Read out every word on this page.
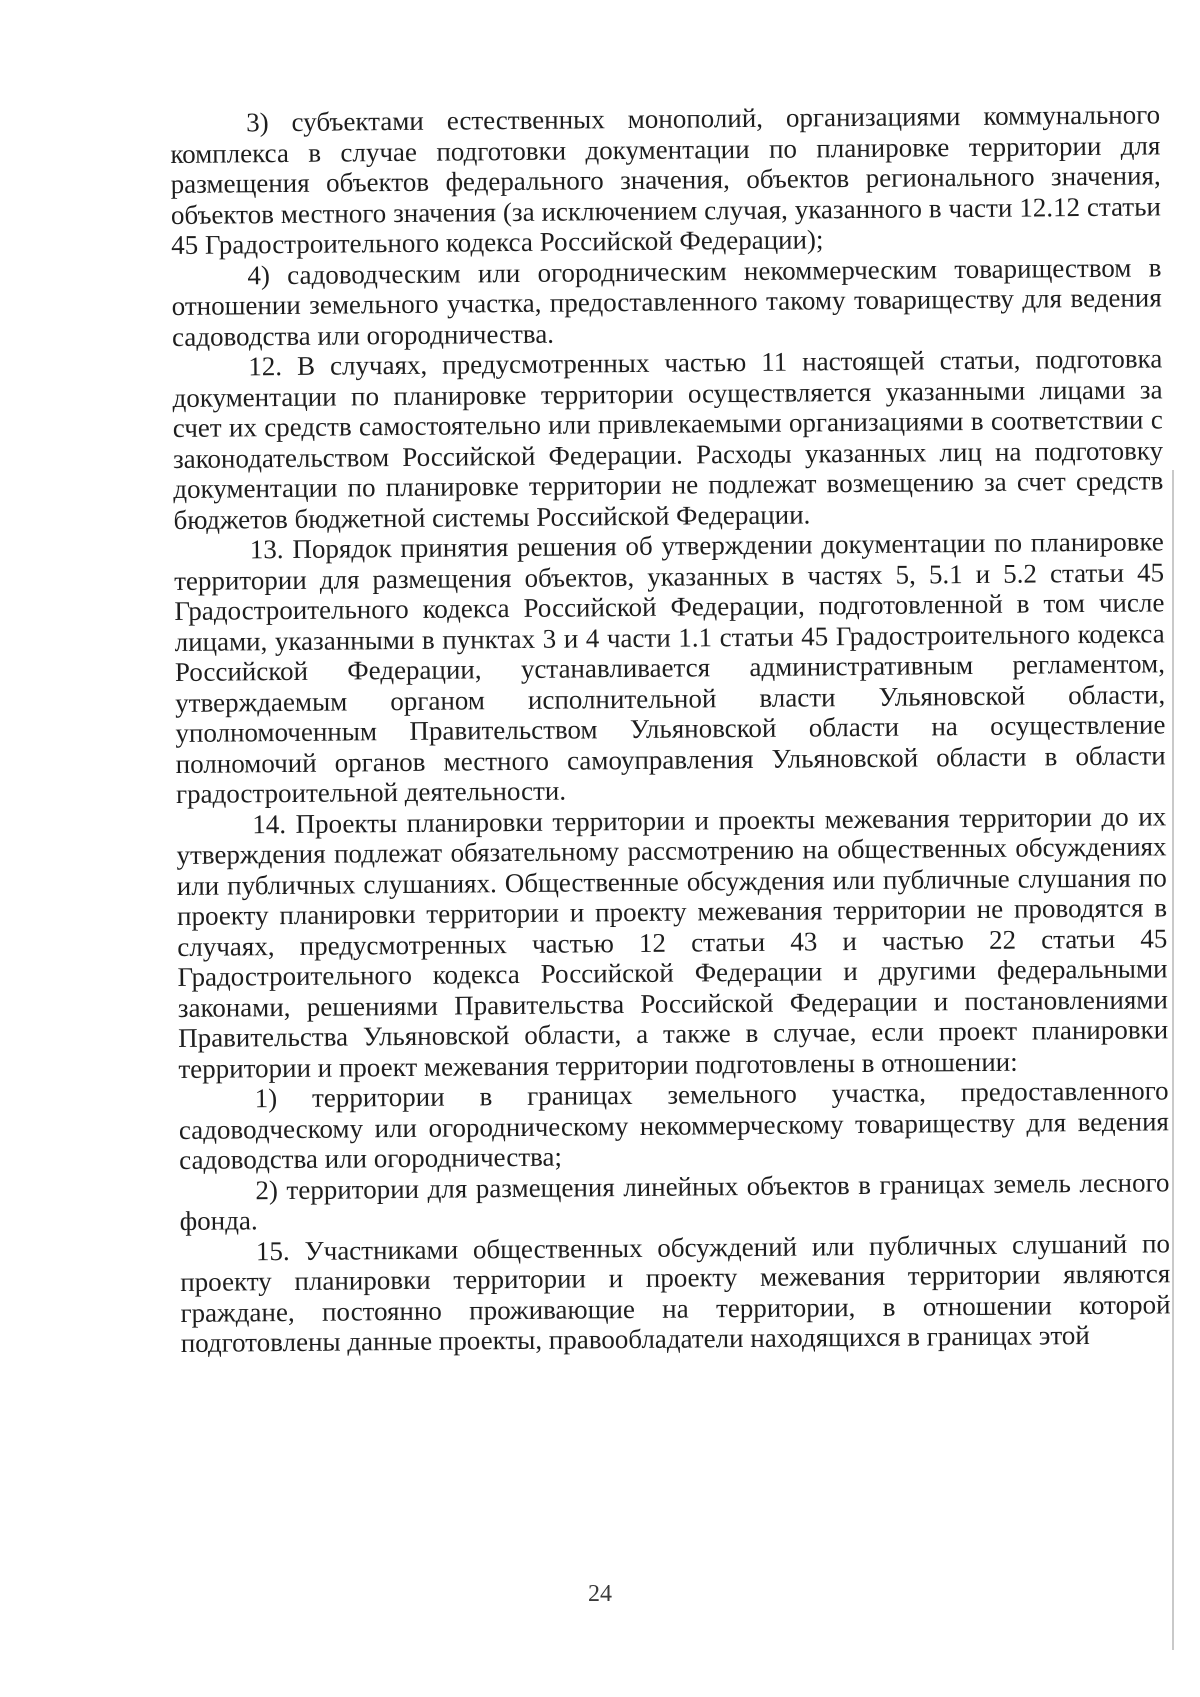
3) субъектами естественных монополий, организациями коммунального комплекса в случае подготовки документации по планировке территории для размещения объектов федерального значения, объектов регионального значения, объектов местного значения (за исключением случая, указанного в части 12.12 статьи 45 Градостроительного кодекса Российской Федерации);

4) садоводческим или огородническим некоммерческим товариществом в отношении земельного участка, предоставленного такому товариществу для ведения садоводства или огородничества.

12. В случаях, предусмотренных частью 11 настоящей статьи, подготовка документации по планировке территории осуществляется указанными лицами за счет их средств самостоятельно или привлекаемыми организациями в соответствии с законодательством Российской Федерации. Расходы указанных лиц на подготовку документации по планировке территории не подлежат возмещению за счет средств бюджетов бюджетной системы Российской Федерации.

13. Порядок принятия решения об утверждении документации по планировке территории для размещения объектов, указанных в частях 5, 5.1 и 5.2 статьи 45 Градостроительного кодекса Российской Федерации, подготовленной в том числе лицами, указанными в пунктах 3 и 4 части 1.1 статьи 45 Градостроительного кодекса Российской Федерации, устанавливается административным регламентом, утверждаемым органом исполнительной власти Ульяновской области, уполномоченным Правительством Ульяновской области на осуществление полномочий органов местного самоуправления Ульяновской области в области градостроительной деятельности.

14. Проекты планировки территории и проекты межевания территории до их утверждения подлежат обязательному рассмотрению на общественных обсуждениях или публичных слушаниях. Общественные обсуждения или публичные слушания по проекту планировки территории и проекту межевания территории не проводятся в случаях, предусмотренных частью 12 статьи 43 и частью 22 статьи 45 Градостроительного кодекса Российской Федерации и другими федеральными законами, решениями Правительства Российской Федерации и постановлениями Правительства Ульяновской области, а также в случае, если проект планировки территории и проект межевания территории подготовлены в отношении:

1) территории в границах земельного участка, предоставленного садоводческому или огородническому некоммерческому товариществу для ведения садоводства или огородничества;

2) территории для размещения линейных объектов в границах земель лесного фонда.

15. Участниками общественных обсуждений или публичных слушаний по проекту планировки территории и проекту межевания территории являются граждане, постоянно проживающие на территории, в отношении которой подготовлены данные проекты, правообладатели находящихся в границах этой

24
